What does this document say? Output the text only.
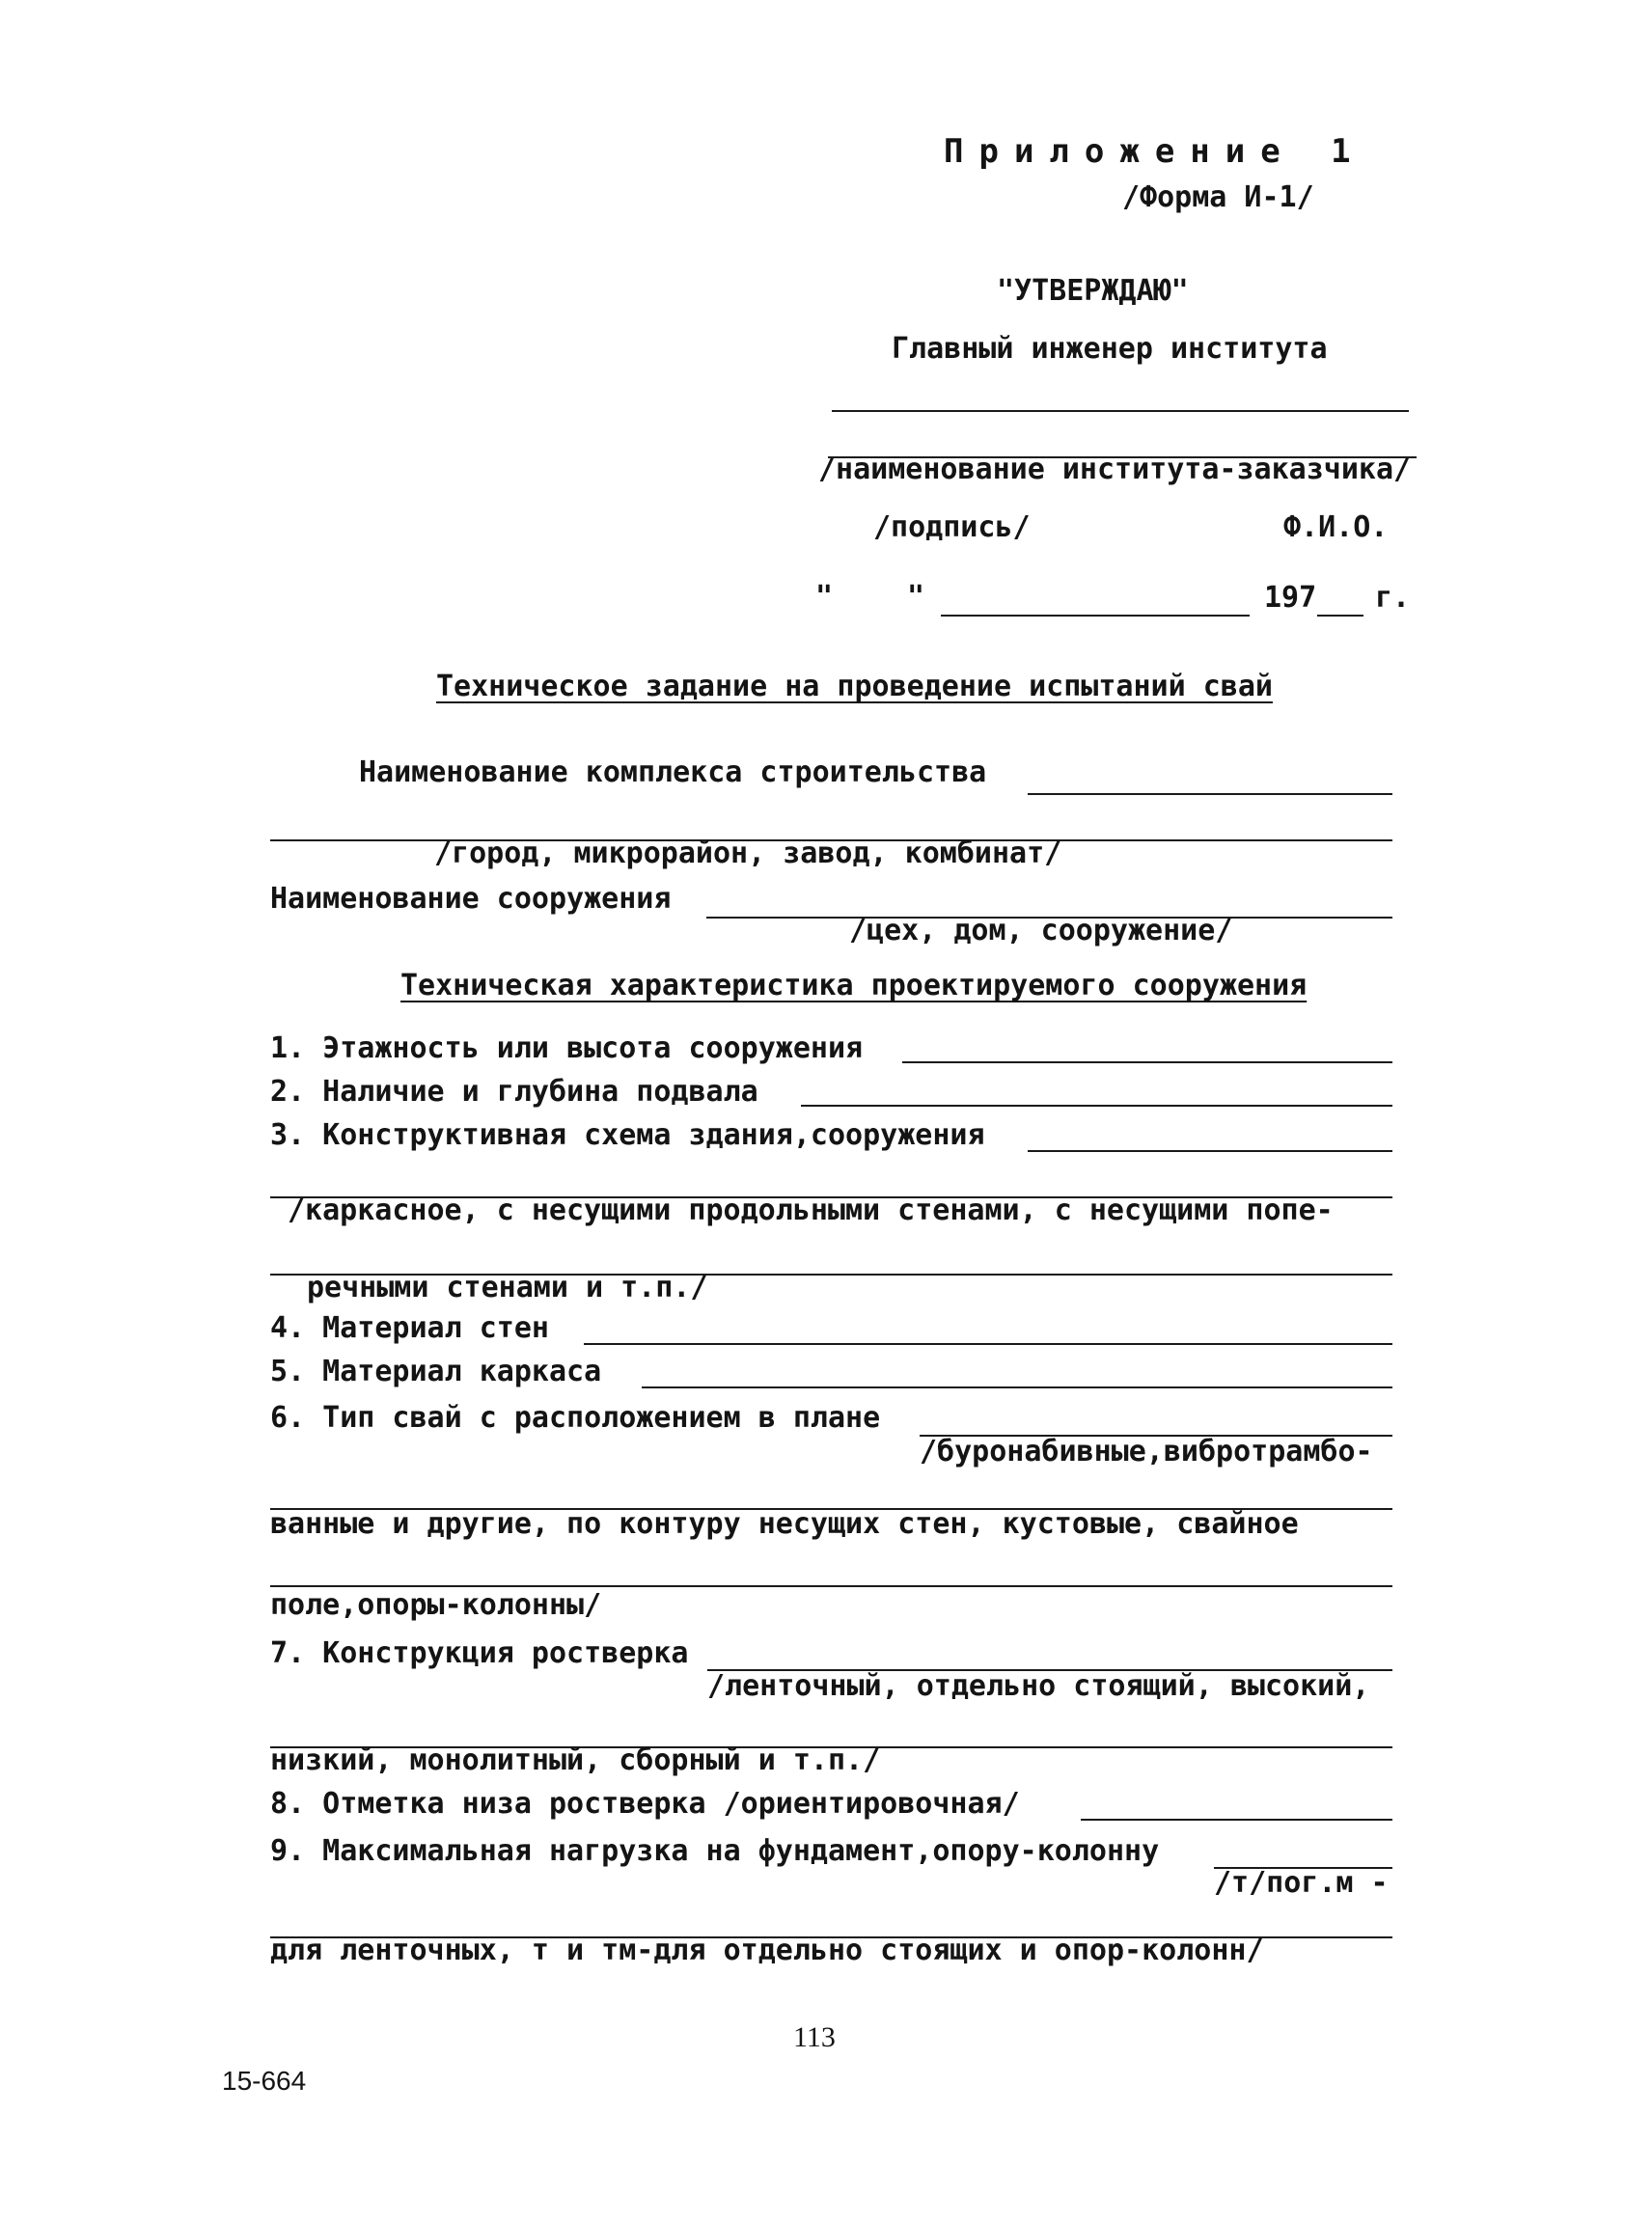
Приложение 1
/Форма И-1/
"УТВЕРЖДАЮ"
Главный инженер института
/наименование института-заказчика/
/подпись/	Ф.И.О.
"	"	197 г.
Техническое задание на проведение испытаний свай
Наименование комплекса строительства
/город, микрорайон, завод, комбинат/
Наименование сооружения
/цех, дом, сооружение/
Техническая характеристика проектируемого сооружения
1. Этажность или высота сооружения
2. Наличие и глубина подвала
3. Конструктивная схема здания,сооружения
/каркасное, с несущими продольными стенами, с несущими попе-
речными стенами и т.п./
4. Материал стен
5. Материал каркаса
6. Тип свай с расположением в плане
/буронабивные,вибротрамбо-
ванные и другие, по контуру несущих стен, кустовые, свайное
поле,опоры-колонны/
7. Конструкция ростверка
/ленточный, отдельно стоящий, высокий,
низкий, монолитный, сборный и т.п./
8. Отметка низа ростверка /ориентировочная/
9. Максимальная нагрузка на фундамент,опору-колонну
/т/пог.м -
для ленточных, т и тм-для отдельно стоящих и опор-колонн/
113
15-664
